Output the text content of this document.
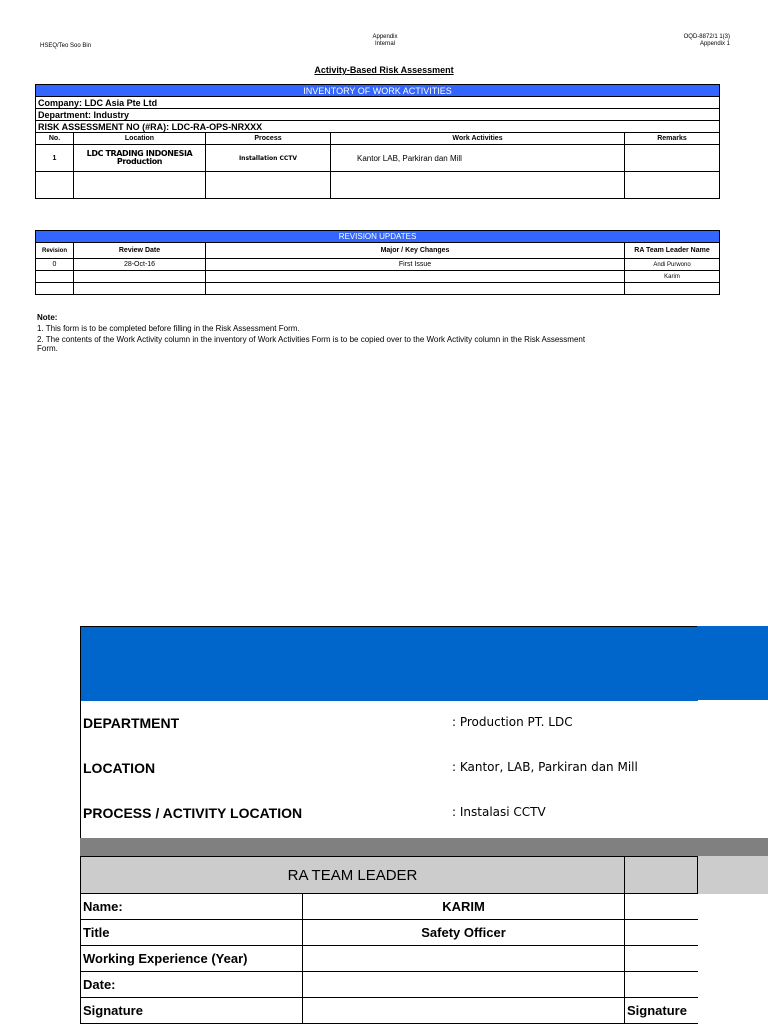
HSEQ/Teo Soo Bin
Appendix
Internal
OQD-8872/1 1(3)
Appendix 1
Activity-Based Risk Assessment
INVENTORY OF WORK ACTIVITIES				
Company: LDC Asia Pte Ltd				
Department: Industry				
RISK ASSESSMENT NO (#RA): LDC-RA-OPS-NRXXX				
No.	Location	Process	Work Activities	Remarks
1	LDC TRADING INDONESIA Production	Installation CCTV	Kantor LAB, Parkiran dan Mill	

REVISION UPDATES			
Revision	Review Date	Major / Key Changes	RA Team Leader Name
0	28-Oct-16	First Issue	Andi Purwono
			Karim

Note:

1. This form is to be completed before filling in the Risk Assessment Form.

2. The contents of the Work Activity column in the inventory of Work Activities Form is to be copied over to the Work Activity column in the Risk Assessment Form.

DEPARTMENT	: Production PT. LDC
LOCATION	: Kantor, LAB, Parkiran dan Mill
PROCESS / ACTIVITY LOCATION	: Instalasi CCTV
RA TEAM LEADER		
Name:	KARIM	
Title	Safety Officer	
Working Experience (Year)		
Date:		
Signature		Signature
